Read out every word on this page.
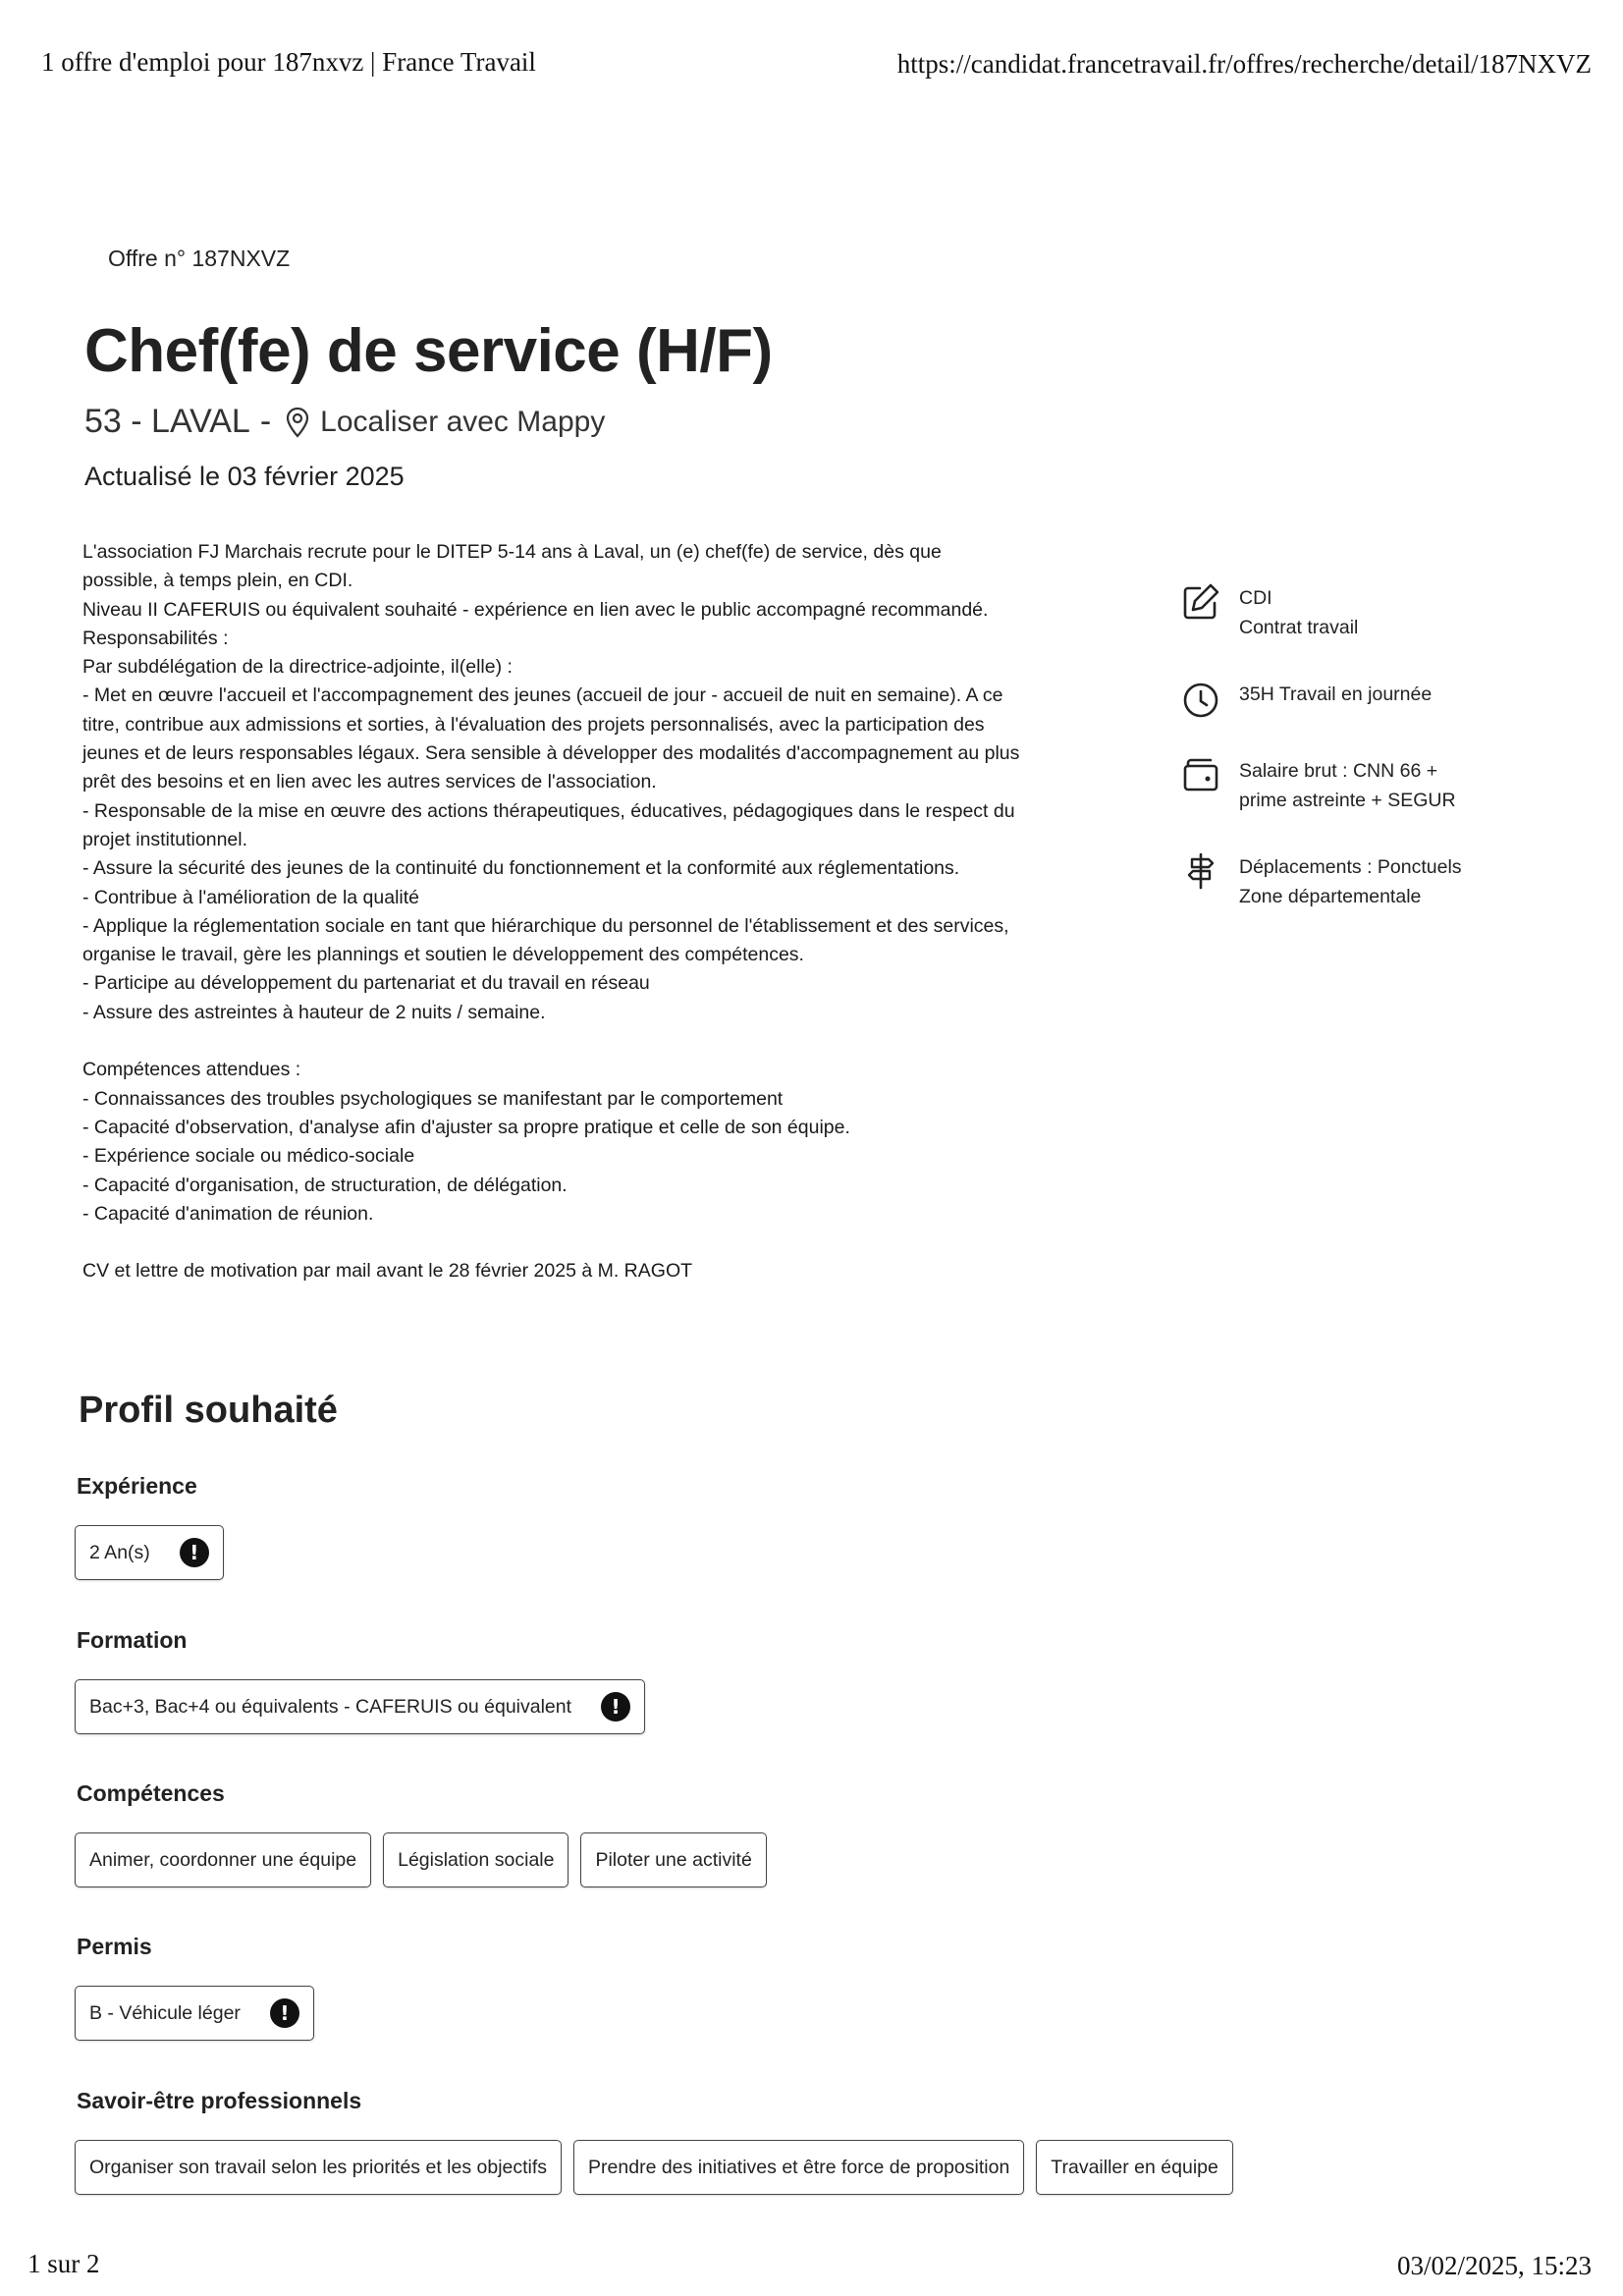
1 offre d'emploi pour 187nxvz | France Travail	https://candidat.francetravail.fr/offres/recherche/detail/187NXVZ
Offre n° 187NXVZ
Chef(fe) de service (H/F)
53 - LAVAL - Localiser avec Mappy
Actualisé le 03 février 2025

L'association FJ Marchais recrute pour le DITEP 5-14 ans à Laval, un (e) chef(fe) de service, dès que

possible, à temps plein, en CDI.

Niveau II CAFERUIS ou équivalent souhaité - expérience en lien avec le public accompagné recommandé.

Responsabilités :

Par subdélégation de la directrice-adjointe, il(elle) :

- Met en œuvre l'accueil et l'accompagnement des jeunes (accueil de jour - accueil de nuit en semaine). A ce

titre, contribue aux admissions et sorties, à l'évaluation des projets personnalisés, avec la participation des

jeunes et de leurs responsables légaux. Sera sensible à développer des modalités d'accompagnement au plus

prêt des besoins et en lien avec les autres services de l'association.

- Responsable de la mise en œuvre des actions thérapeutiques, éducatives, pédagogiques dans le respect du

projet institutionnel.

- Assure la sécurité des jeunes de la continuité du fonctionnement et la conformité aux réglementations.

- Contribue à l'amélioration de la qualité

- Applique la réglementation sociale en tant que hiérarchique du personnel de l'établissement et des services,

organise le travail, gère les plannings et soutien le développement des compétences.

- Participe au développement du partenariat et du travail en réseau

- Assure des astreintes à hauteur de 2 nuits / semaine.

Compétences attendues :

- Connaissances des troubles psychologiques se manifestant par le comportement

- Capacité d'observation, d'analyse afin d'ajuster sa propre pratique et celle de son équipe.

- Expérience sociale ou médico-sociale

- Capacité d'organisation, de structuration, de délégation.

- Capacité d'animation de réunion.

CV et lettre de motivation par mail avant le 28 février 2025 à M. RAGOT

CDI
Contrat travail
35H Travail en journée
Salaire brut : CNN 66 +
prime astreinte + SEGUR
Déplacements : Ponctuels
Zone départementale
Profil souhaité
Expérience
2 An(s)	!
Formation
Bac+3, Bac+4 ou équivalents - CAFERUIS ou équivalent	!
Compétences
Animer, coordonner une équipe Législation sociale Piloter une activité
Permis
B - Véhicule léger	!
Savoir-être professionnels
Organiser son travail selon les priorités et les objectifs Prendre des initiatives et être force de proposition Travailler en équipe
1 sur 2	03/02/2025, 15:23
